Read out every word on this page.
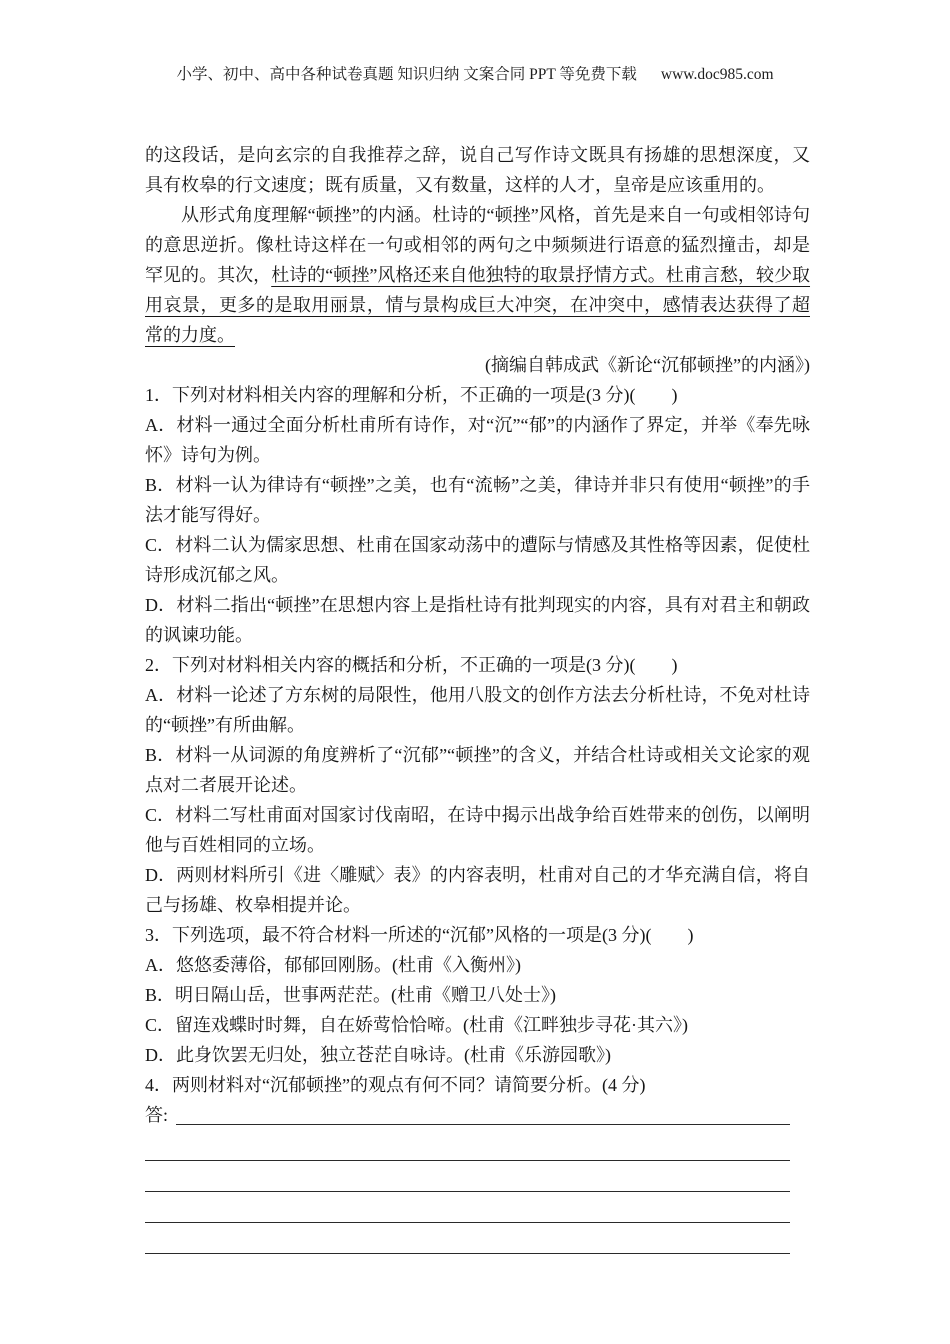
小学、初中、高中各种试卷真题 知识归纳 文案合同 PPT 等免费下载 www.doc985.com

的这段话，是向玄宗的自我推荐之辞，说自己写作诗文既具有扬雄的思想深度，又具有枚皋的行文速度；既有质量，又有数量，这样的人才，皇帝是应该重用的。

从形式角度理解“顿挫”的内涵。杜诗的“顿挫”风格，首先是来自一句或相邻诗句的意思逆折。像杜诗这样在一句或相邻的两句之中频频进行语意的猛烈撞击，却是罕见的。其次，杜诗的“顿挫”风格还来自他独特的取景抒情方式。杜甫言愁，较少取用哀景，更多的是取用丽景，情与景构成巨大冲突，在冲突中，感情表达获得了超常的力度。

(摘编自韩成武《新论“沉郁顿挫”的内涵》)

1．下列对材料相关内容的理解和分析，不正确的一项是(3 分)(　　)

A．材料一通过全面分析杜甫所有诗作，对“沉”“郁”的内涵作了界定，并举《奉先咏怀》诗句为例。

B．材料一认为律诗有“顿挫”之美，也有“流畅”之美，律诗并非只有使用“顿挫”的手法才能写得好。

C．材料二认为儒家思想、杜甫在国家动荡中的遭际与情感及其性格等因素，促使杜诗形成沉郁之风。

D．材料二指出“顿挫”在思想内容上是指杜诗有批判现实的内容，具有对君主和朝政的讽谏功能。

2．下列对材料相关内容的概括和分析，不正确的一项是(3 分)(　　)

A．材料一论述了方东树的局限性，他用八股文的创作方法去分析杜诗，不免对杜诗的“顿挫”有所曲解。

B．材料一从词源的角度辨析了“沉郁”“顿挫”的含义，并结合杜诗或相关文论家的观点对二者展开论述。

C．材料二写杜甫面对国家讨伐南昭，在诗中揭示出战争给百姓带来的创伤，以阐明他与百姓相同的立场。

D．两则材料所引《进〈雕赋〉表》的内容表明，杜甫对自己的才华充满自信，将自己与扬雄、枚皋相提并论。

3．下列选项，最不符合材料一所述的“沉郁”风格的一项是(3 分)(　　)

A．悠悠委薄俗，郁郁回刚肠。(杜甫《入衡州》)

B．明日隔山岳，世事两茫茫。(杜甫《赠卫八处士》)

C．留连戏蝶时时舞，自在娇莺恰恰啼。(杜甫《江畔独步寻花·其六》)

D．此身饮罢无归处，独立苍茫自咏诗。(杜甫《乐游园歌》)

4．两则材料对“沉郁顿挫”的观点有何不同？请简要分析。(4 分)

答:
